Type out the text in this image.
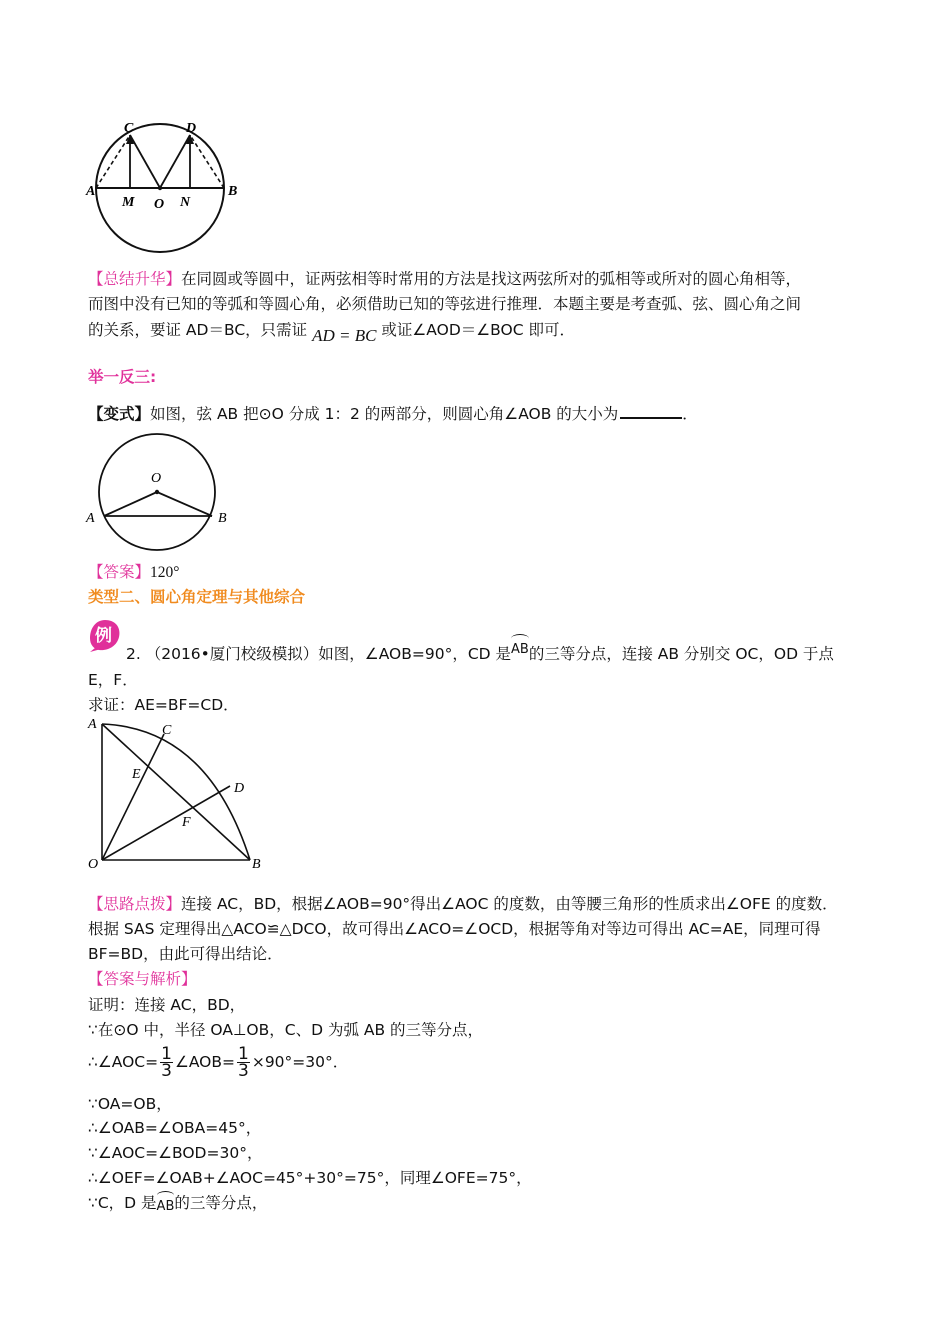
C	D
A
M O N
B
【总结升华】在同圆或等圆中，证两弦相等时常用的方法是找这两弦所对的弧相等或所对的圆心角相等，
而图中没有已知的等弧和等圆心角，必须借助已知的等弦进行推理．本题主要是考查弧、弦、圆心角之间
的关系，要证 AD＝BC，只需证 AD = BC 或证∠AOD＝∠BOC 即可．
举一反三:
【变式】如图，弦 AB 把⊙O 分成 1：2 的两部分，则圆心角∠AOB 的大小为	．
O
A	B
【答案】120°
类型二、圆心角定理与其他综合
例
2. （2016•厦门校级模拟）如图，∠AOB=90°，CD 是AB的三等分点，连接 AB 分别交 OC，OD 于点
E，F．
求证：AE=BF=CD．
A	C
E
D
F
O	B
【思路点拨】连接 AC，BD，根据∠AOB=90°得出∠AOC 的度数，由等腰三角形的性质求出∠OFE 的度数．
根据 SAS 定理得出△ACO≌△DCO，故可得出∠ACO=∠OCD，根据等角对等边可得出 AC=AE，同理可得
BF=BD，由此可得出结论．
【答案与解析】
证明：连接 AC，BD，
∵在⊙O 中，半径 OA⊥OB，C、D 为弧 AB 的三等分点，
∴∠AOC= $\frac{1}{3}$ ∠AOB= $\frac{1}{3} \times 90^\circ=30^\circ$．
∵OA=OB，
∴∠OAB=∠OBA=45°，
∵∠AOC=∠BOD=30°，
∴∠OEF=∠OAB+∠AOC=45°+30°=75°，同理∠OFE=75°，
∵C，D 是AB的三等分点，
